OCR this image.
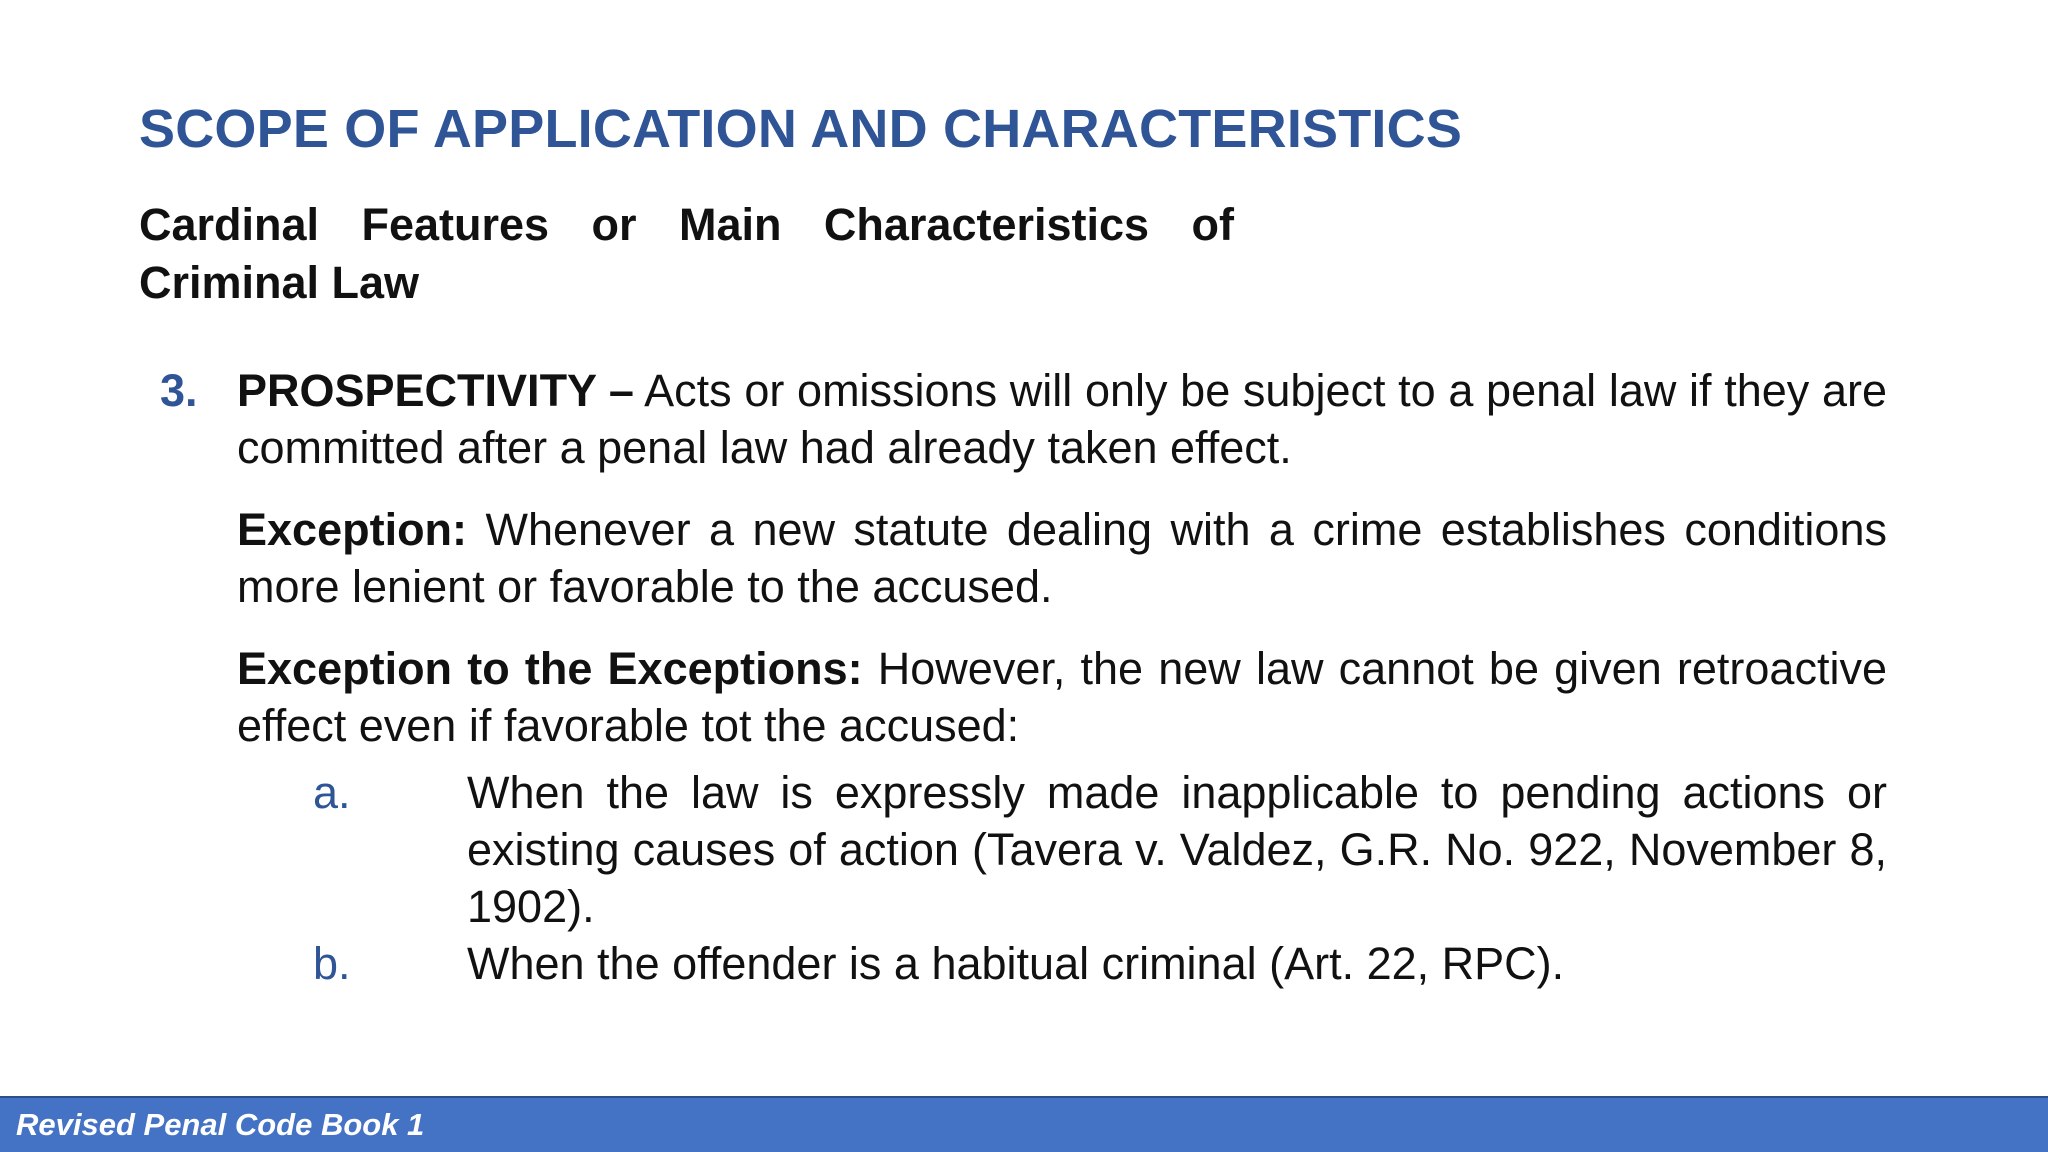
SCOPE OF APPLICATION AND CHARACTERISTICS
Cardinal Features or Main Characteristics of
Criminal Law
3. PROSPECTIVITY – Acts or omissions will only be subject to a penal law if they are committed after a penal law had already taken effect.

Exception: Whenever a new statute dealing with a crime establishes conditions more lenient or favorable to the accused.

Exception to the Exceptions: However, the new law cannot be given retroactive effect even if favorable tot the accused:

a.	When the law is expressly made inapplicable to pending actions or existing causes of action (Tavera v. Valdez, G.R. No. 922, November 8, 1902).
b.	When the offender is a habitual criminal (Art. 22, RPC).
Revised Penal Code Book 1
